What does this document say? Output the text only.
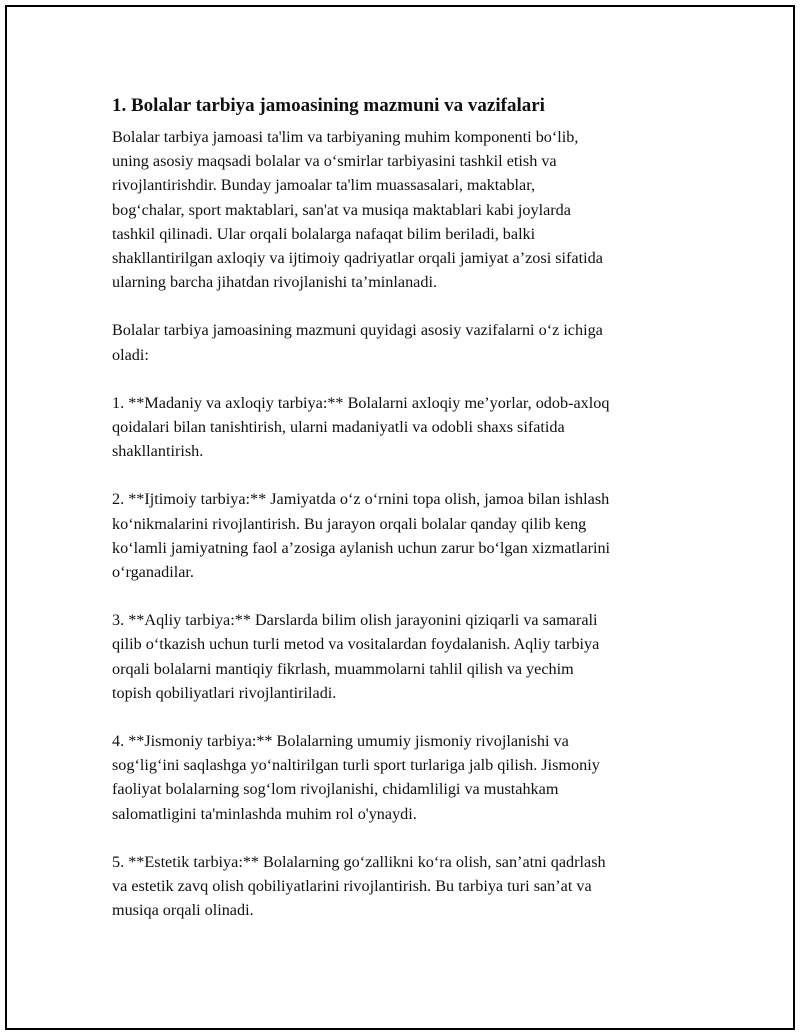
1. Bolalar tarbiya jamoasining mazmuni va vazifalari
Bolalar tarbiya jamoasi ta'lim va tarbiyaning muhim komponenti bo‘lib,
uning asosiy maqsadi bolalar va o‘smirlar tarbiyasini tashkil etish va
rivojlantirishdir. Bunday jamoalar ta'lim muassasalari, maktablar,
bog‘chalar, sport maktablari, san'at va musiqa maktablari kabi joylarda
tashkil qilinadi. Ular orqali bolalarga nafaqat bilim beriladi, balki
shakllantirilgan axloqiy va ijtimoiy qadriyatlar orqali jamiyat a’zosi sifatida
ularning barcha jihatdan rivojlanishi ta’minlanadi.
Bolalar tarbiya jamoasining mazmuni quyidagi asosiy vazifalarni o‘z ichiga
oladi:
1. **Madaniy va axloqiy tarbiya:** Bolalarni axloqiy me’yorlar, odob-axloq
qoidalari bilan tanishtirish, ularni madaniyatli va odobli shaxs sifatida
shakllantirish.
2. **Ijtimoiy tarbiya:** Jamiyatda o‘z o‘rnini topa olish, jamoa bilan ishlash
ko‘nikmalarini rivojlantirish. Bu jarayon orqali bolalar qanday qilib keng
ko‘lamli jamiyatning faol a’zosiga aylanish uchun zarur bo‘lgan xizmatlarini
o‘rganadilar.
3. **Aqliy tarbiya:** Darslarda bilim olish jarayonini qiziqarli va samarali
qilib o‘tkazish uchun turli metod va vositalardan foydalanish. Aqliy tarbiya
orqali bolalarni mantiqiy fikrlash, muammolarni tahlil qilish va yechim
topish qobiliyatlari rivojlantiriladi.
4. **Jismoniy tarbiya:** Bolalarning umumiy jismoniy rivojlanishi va
sog‘lig‘ini saqlashga yo‘naltirilgan turli sport turlariga jalb qilish. Jismoniy
faoliyat bolalarning sog‘lom rivojlanishi, chidamliligi va mustahkam
salomatligini ta'minlashda muhim rol o'ynaydi.
5. **Estetik tarbiya:** Bolalarning go‘zallikni ko‘ra olish, san’atni qadrlash
va estetik zavq olish qobiliyatlarini rivojlantirish. Bu tarbiya turi san’at va
musiqa orqali olinadi.
